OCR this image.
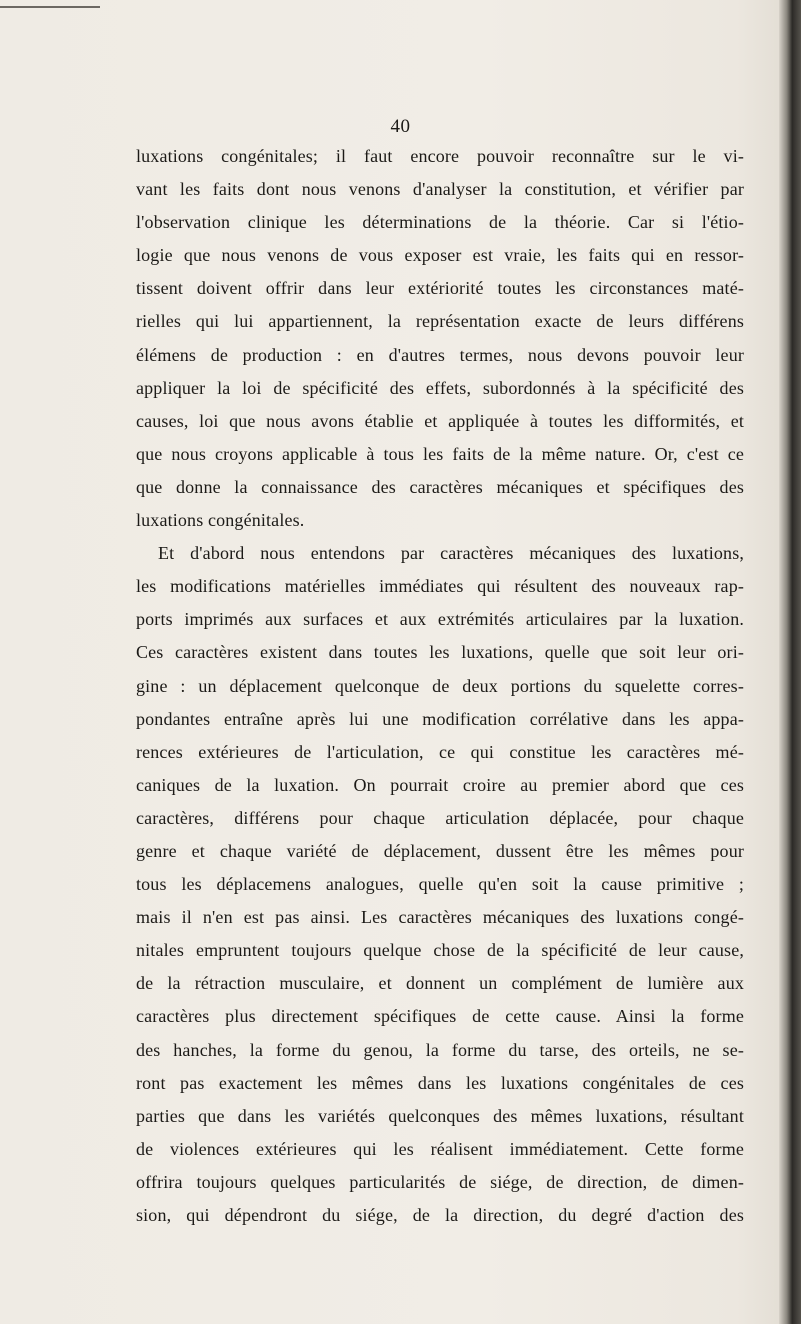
40

luxations congénitales; il faut encore pouvoir reconnaître sur le vi-

vant les faits dont nous venons d'analyser la constitution, et vérifier par

l'observation clinique les déterminations de la théorie. Car si l'étio-

logie que nous venons de vous exposer est vraie, les faits qui en ressor-

tissent doivent offrir dans leur extériorité toutes les circonstances maté-

rielles qui lui appartiennent, la représentation exacte de leurs différens

élémens de production : en d'autres termes, nous devons pouvoir leur

appliquer la loi de spécificité des effets, subordonnés à la spécificité des

causes, loi que nous avons établie et appliquée à toutes les difformités, et

que nous croyons applicable à tous les faits de la même nature. Or, c'est ce

que donne la connaissance des caractères mécaniques et spécifiques des

luxations congénitales.

Et d'abord nous entendons par caractères mécaniques des luxations,

les modifications matérielles immédiates qui résultent des nouveaux rap-

ports imprimés aux surfaces et aux extrémités articulaires par la luxation.

Ces caractères existent dans toutes les luxations, quelle que soit leur ori-

gine : un déplacement quelconque de deux portions du squelette corres-

pondantes entraîne après lui une modification corrélative dans les appa-

rences extérieures de l'articulation, ce qui constitue les caractères mé-

caniques de la luxation. On pourrait croire au premier abord que ces

caractères, différens pour chaque articulation déplacée, pour chaque

genre et chaque variété de déplacement, dussent être les mêmes pour

tous les déplacemens analogues, quelle qu'en soit la cause primitive ;

mais il n'en est pas ainsi. Les caractères mécaniques des luxations congé-

nitales empruntent toujours quelque chose de la spécificité de leur cause,

de la rétraction musculaire, et donnent un complément de lumière aux

caractères plus directement spécifiques de cette cause. Ainsi la forme

des hanches, la forme du genou, la forme du tarse, des orteils, ne se-

ront pas exactement les mêmes dans les luxations congénitales de ces

parties que dans les variétés quelconques des mêmes luxations, résultant

de violences extérieures qui les réalisent immédiatement. Cette forme

offrira toujours quelques particularités de siége, de direction, de dimen-

sion, qui dépendront du siége, de la direction, du degré d'action des
